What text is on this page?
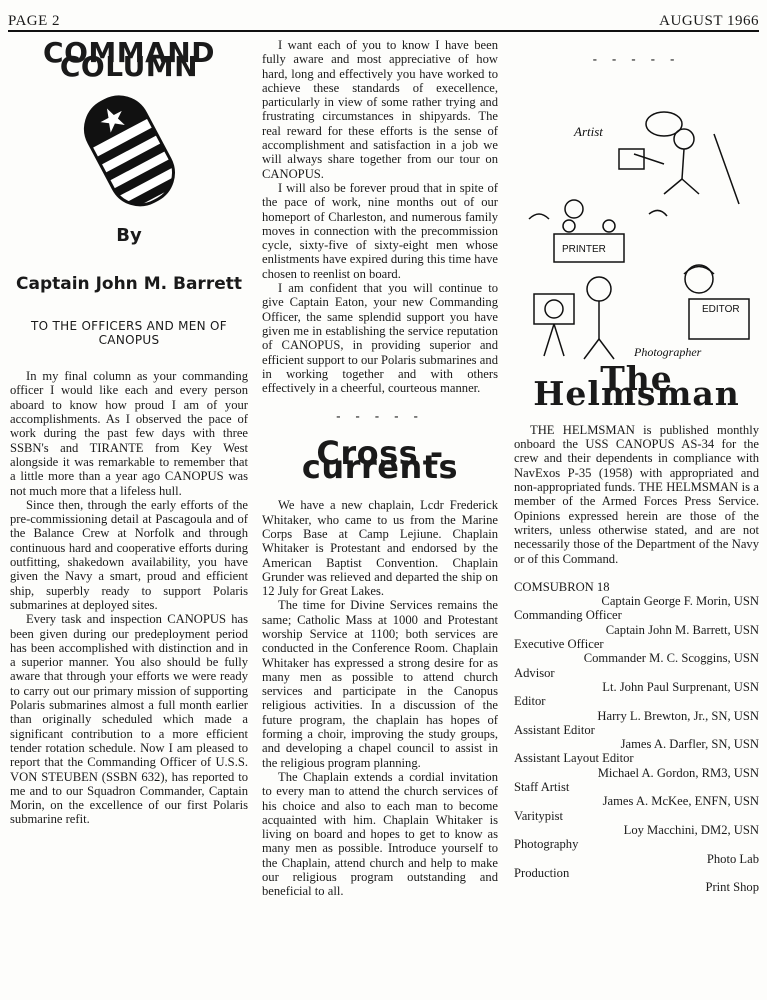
PAGE 2	AUGUST 1966
COMMAND COLUMN
By
Captain John M. Barrett
TO THE OFFICERS AND MEN OF CANOPUS

In my final column as your commanding officer I would like each and every person aboard to know how proud I am of your accomplishments. As I observed the pace of work during the past few days with three SSBN's and TIRANTE from Key West alongside it was remarkable to remember that a little more than a year ago CANOPUS was not much more that a lifeless hull.

Since then, through the early efforts of the pre-commissioning detail at Pascagoula and of the Balance Crew at Norfolk and through continuous hard and cooperative efforts during outfitting, shakedown availability, you have given the Navy a smart, proud and efficient ship, superbly ready to support Polaris submarines at deployed sites.

Every task and inspection CANOPUS has been given during our predeployment period has been accomplished with distinction and in a superior manner. You also should be fully aware that through your efforts we were ready to carry out our primary mission of supporting Polaris submarines almost a full month earlier than originally scheduled which made a significant contribution to a more efficient tender rotation schedule. Now I am pleased to report that the Commanding Officer of U.S.S. VON STEUBEN (SSBN 632), has reported to me and to our Squadron Commander, Captain Morin, on the excellence of our first Polaris submarine refit.

I want each of you to know I have been fully aware and most appreciative of how hard, long and effectively you have worked to achieve these standards of execellence, particularly in view of some rather trying and frustrating circumstances in shipyards. The real reward for these efforts is the sense of accomplishment and satisfaction in a job we will always share together from our tour on CANOPUS.

I will also be forever proud that in spite of the pace of work, nine months out of our homeport of Charleston, and numerous family moves in connection with the precommission cycle, sixty-five of sixty-eight men whose enlistments have expired during this time have chosen to reenlist on board.

I am confident that you will continue to give Captain Eaton, your new Commanding Officer, the same splendid support you have given me in establishing the service reputation of CANOPUS, in providing superior and efficient support to our Polaris submarines and in working together and with others effectively in a cheerful, courteous manner.

- - - - -
Cross - currents

We have a new chaplain, Lcdr Frederick Whitaker, who came to us from the Marine Corps Base at Camp Lejiune. Chaplain Whitaker is Protestant and endorsed by the American Baptist Convention. Chaplain Grunder was relieved and departed the ship on 12 July for Great Lakes.

The time for Divine Services remains the same; Catholic Mass at 1000 and Protestant worship Service at 1100; both services are conducted in the Conference Room. Chaplain Whitaker has expressed a strong desire for as many men as possible to attend church services and participate in the Canopus religious activities. In a discussion of the future program, the chaplain has hopes of forming a choir, improving the study groups, and developing a chapel council to assist in the religious program planning.

The Chaplain extends a cordial invitation to every man to attend the church services of his choice and also to each man to become acquainted with him. Chaplain Whitaker is living on board and hopes to get to know as many men as possible. Introduce yourself to the Chaplain, attend church and help to make our religious program outstanding and beneficial to all.

- - - - -
Artist
PRINTER
EDITOR
Photographer
The Helmsman

THE HELMSMAN is published monthly onboard the USS CANOPUS AS-34 for the crew and their dependents in compliance with NavExos P-35 (1958) with appropriated and non-appropriated funds. THE HELMSMAN is a member of the Armed Forces Press Service. Opinions expressed herein are those of the writers, unless otherwise stated, and are not necessarily those of the Department of the Navy or of this Command.

COMSUBRON 18

Captain George F. Morin, USN
Commanding Officer
Captain John M. Barrett, USN
Executive Officer
Commander M. C. Scoggins, USN
Advisor
Lt. John Paul Surprenant, USN
Editor
Harry L. Brewton, Jr., SN, USN
Assistant Editor
James A. Darfler, SN, USN
Assistant Layout Editor
Michael A. Gordon, RM3, USN
Staff Artist
James A. McKee, ENFN, USN
Varitypist
Loy Macchini, DM2, USN
Photography
Photo Lab
Production
Print Shop
